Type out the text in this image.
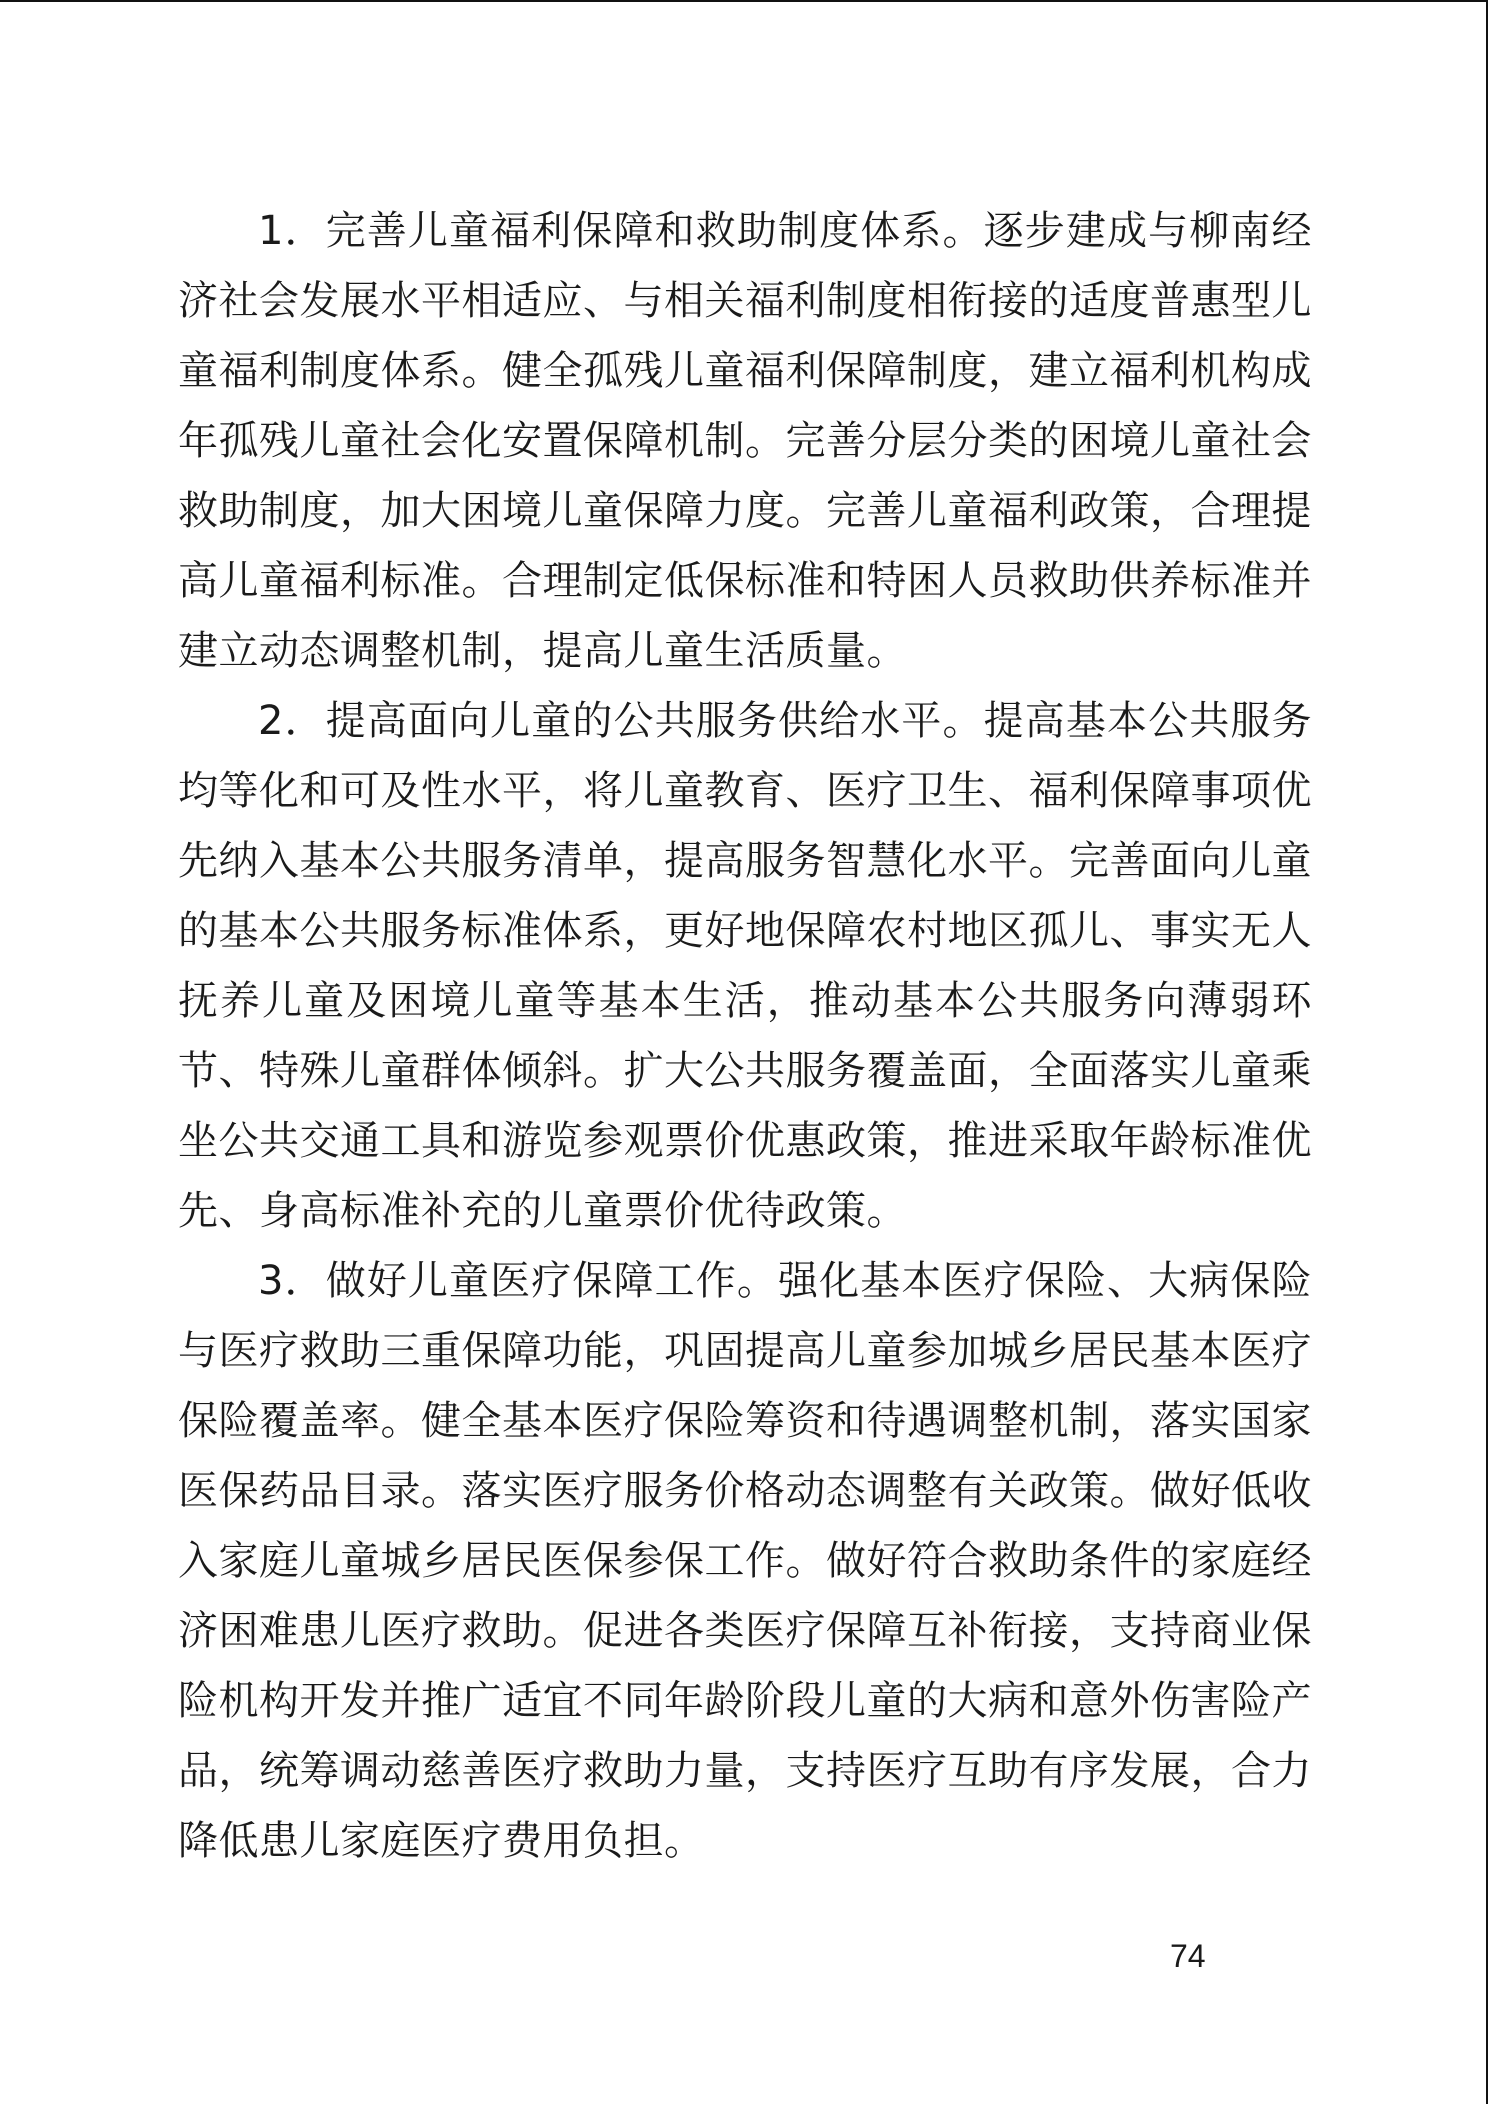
1．完善儿童福利保障和救助制度体系。逐步建成与柳南经济社会发展水平相适应、与相关福利制度相衔接的适度普惠型儿童福利制度体系。健全孤残儿童福利保障制度，建立福利机构成年孤残儿童社会化安置保障机制。完善分层分类的困境儿童社会救助制度，加大困境儿童保障力度。完善儿童福利政策，合理提高儿童福利标准。合理制定低保标准和特困人员救助供养标准并建立动态调整机制，提高儿童生活质量。

2．提高面向儿童的公共服务供给水平。提高基本公共服务均等化和可及性水平，将儿童教育、医疗卫生、福利保障事项优先纳入基本公共服务清单，提高服务智慧化水平。完善面向儿童的基本公共服务标准体系，更好地保障农村地区孤儿、事实无人抚养儿童及困境儿童等基本生活，推动基本公共服务向薄弱环节、特殊儿童群体倾斜。扩大公共服务覆盖面，全面落实儿童乘坐公共交通工具和游览参观票价优惠政策，推进采取年龄标准优先、身高标准补充的儿童票价优待政策。

3．做好儿童医疗保障工作。强化基本医疗保险、大病保险与医疗救助三重保障功能，巩固提高儿童参加城乡居民基本医疗保险覆盖率。健全基本医疗保险筹资和待遇调整机制，落实国家医保药品目录。落实医疗服务价格动态调整有关政策。做好低收入家庭儿童城乡居民医保参保工作。做好符合救助条件的家庭经济困难患儿医疗救助。促进各类医疗保障互补衔接，支持商业保险机构开发并推广适宜不同年龄阶段儿童的大病和意外伤害险产品，统筹调动慈善医疗救助力量，支持医疗互助有序发展，合力降低患儿家庭医疗费用负担。

74
